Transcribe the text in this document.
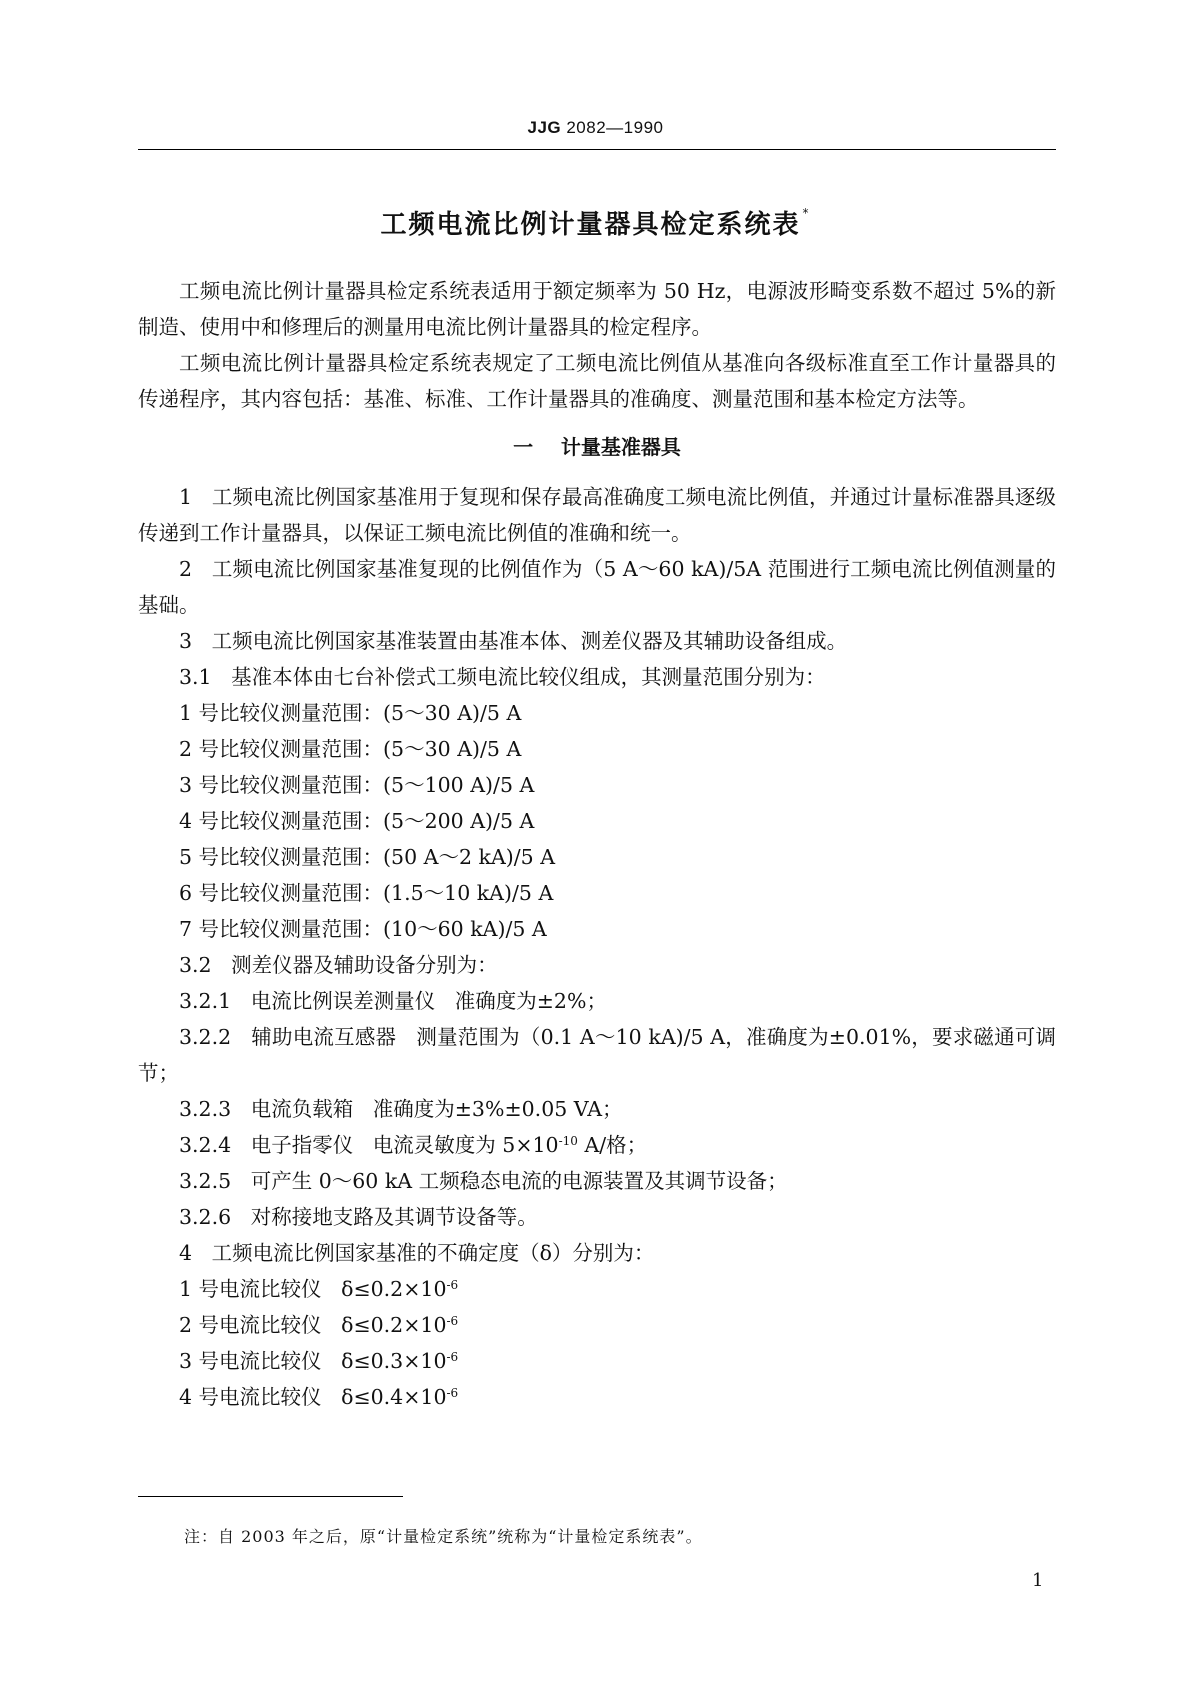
JJG 2082—1990
工频电流比例计量器具检定系统表 *

工频电流比例计量器具检定系统表适用于额定频率为 50 Hz，电源波形畸变系数不超过 5%的新制造、使用中和修理后的测量用电流比例计量器具的检定程序。

工频电流比例计量器具检定系统表规定了工频电流比例值从基准向各级标准直至工作计量器具的传递程序，其内容包括：基准、标准、工作计量器具的准确度、测量范围和基本检定方法等。

一    计量基准器具

1   工频电流比例国家基准用于复现和保存最高准确度工频电流比例值，并通过计量标准器具逐级传递到工作计量器具，以保证工频电流比例值的准确和统一。

2   工频电流比例国家基准复现的比例值作为（5 A～60 kA)/5A 范围进行工频电流比例值测量的基础。

3   工频电流比例国家基准装置由基准本体、测差仪器及其辅助设备组成。

3.1   基准本体由七台补偿式工频电流比较仪组成，其测量范围分别为：

1 号比较仪测量范围：(5～30 A)/5 A

2 号比较仪测量范围：(5～30 A)/5 A

3 号比较仪测量范围：(5～100 A)/5 A

4 号比较仪测量范围：(5～200 A)/5 A

5 号比较仪测量范围：(50 A～2 kA)/5 A

6 号比较仪测量范围：(1.5～10 kA)/5 A

7 号比较仪测量范围：(10～60 kA)/5 A

3.2   测差仪器及辅助设备分别为：

3.2.1   电流比例误差测量仪   准确度为±2%；

3.2.2   辅助电流互感器   测量范围为（0.1 A～10 kA)/5 A，准确度为±0.01%，要求磁通可调节；

3.2.3   电流负载箱   准确度为±3%±0.05 VA；

3.2.4   电子指零仪   电流灵敏度为 $5\times 10^{-10}$ A/格；

3.2.5   可产生 0～60 kA 工频稳态电流的电源装置及其调节设备；

3.2.6   对称接地支路及其调节设备等。

4   工频电流比例国家基准的不确定度（δ）分别为：

1 号电流比较仪   $\delta\le 0.2\times 10^{-6}$

2 号电流比较仪   $\delta\le 0.2\times 10^{-6}$

3 号电流比较仪   $\delta\le 0.3\times 10^{-6}$

4 号电流比较仪   $\delta\le 0.4\times 10^{-6}$

注：自 2003 年之后，原“计量检定系统”统称为“计量检定系统表”。
1
